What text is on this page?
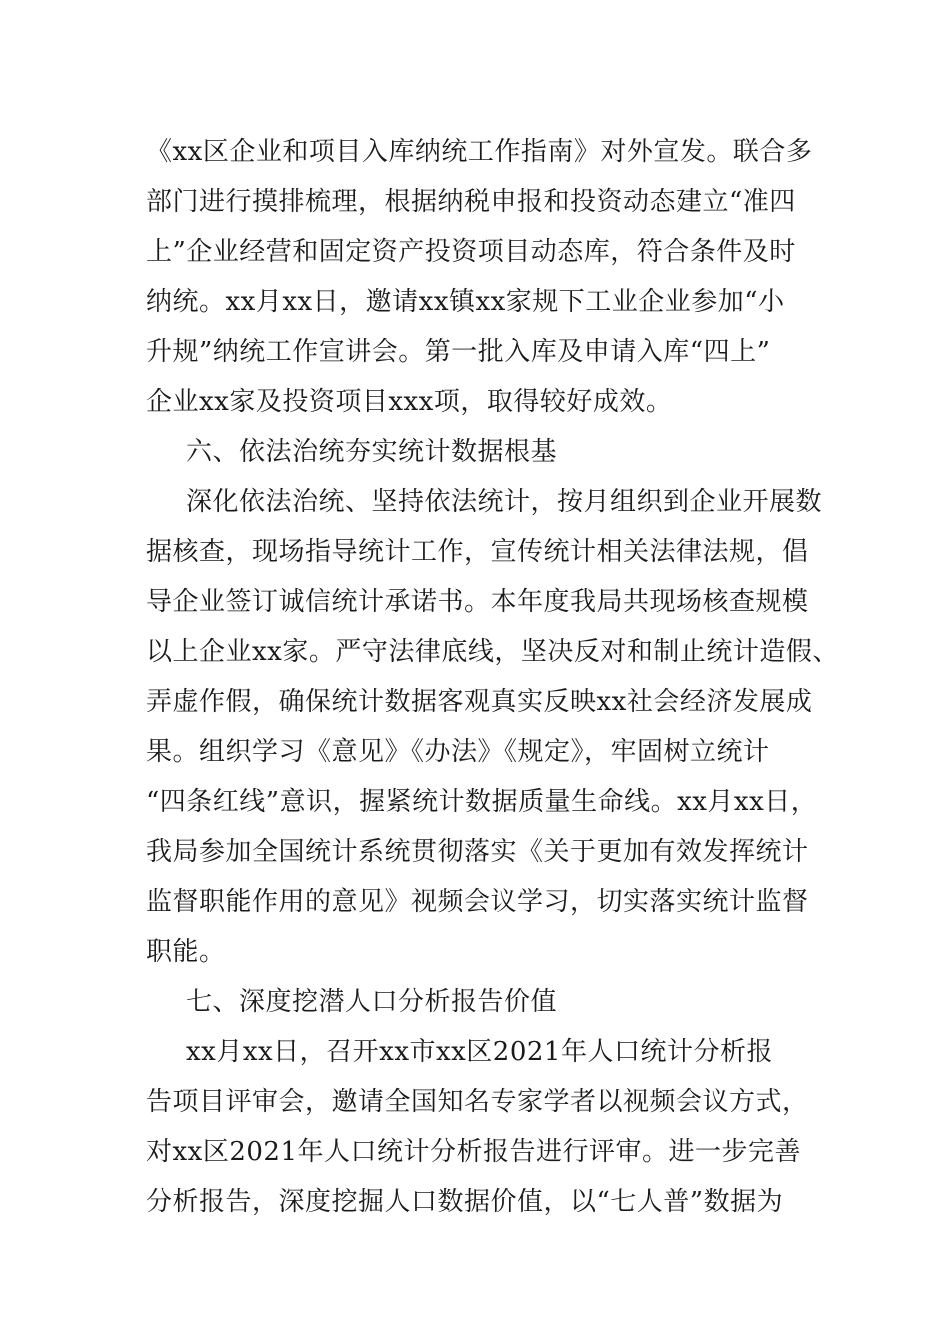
《xx区企业和项目入库纳统工作指南》对外宣发。联合多
部门进行摸排梳理，根据纳税申报和投资动态建立“准四
上”企业经营和固定资产投资项目动态库，符合条件及时
纳统。xx月xx日，邀请xx镇xx家规下工业企业参加“小
升规”纳统工作宣讲会。第一批入库及申请入库“四上”
企业xx家及投资项目xxx项，取得较好成效。
六、依法治统夯实统计数据根基
深化依法治统、坚持依法统计，按月组织到企业开展数
据核查，现场指导统计工作，宣传统计相关法律法规，倡
导企业签订诚信统计承诺书。本年度我局共现场核查规模
以上企业xx家。严守法律底线，坚决反对和制止统计造假、
弄虚作假，确保统计数据客观真实反映xx社会经济发展成
果。组织学习《意见》《办法》《规定》，牢固树立统计
“四条红线”意识，握紧统计数据质量生命线。xx月xx日，
我局参加全国统计系统贯彻落实《关于更加有效发挥统计
监督职能作用的意见》视频会议学习，切实落实统计监督
职能。
七、深度挖潜人口分析报告价值
xx月xx日，召开xx市xx区2021年人口统计分析报
告项目评审会，邀请全国知名专家学者以视频会议方式，
对xx区2021年人口统计分析报告进行评审。进一步完善
分析报告，深度挖掘人口数据价值，以“七人普”数据为
